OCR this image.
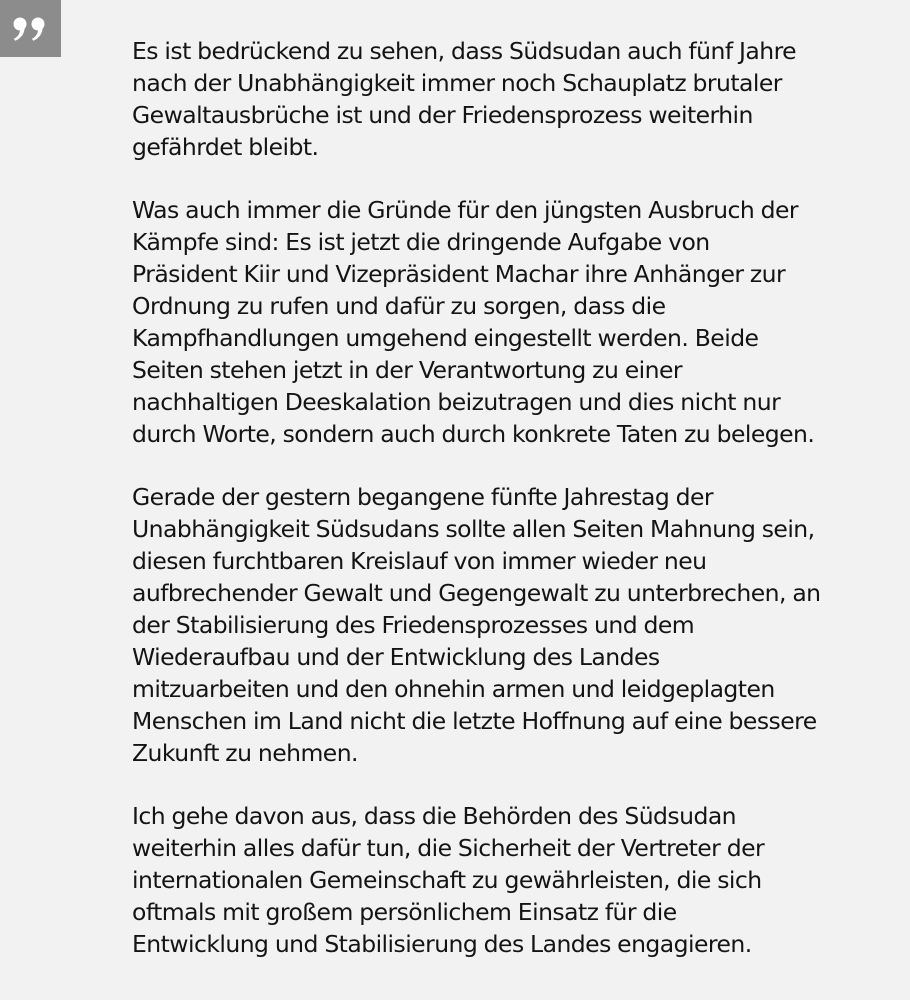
Es ist bedrückend zu sehen, dass Südsudan auch fünf Jahre
nach der Unabhängigkeit immer noch Schauplatz brutaler
Gewaltausbrüche ist und der Friedensprozess weiterhin
gefährdet bleibt.

Was auch immer die Gründe für den jüngsten Ausbruch der
Kämpfe sind: Es ist jetzt die dringende Aufgabe von
Präsident Kiir und Vizepräsident Machar ihre Anhänger zur
Ordnung zu rufen und dafür zu sorgen, dass die
Kampfhandlungen umgehend eingestellt werden. Beide
Seiten stehen jetzt in der Verantwortung zu einer
nachhaltigen Deeskalation beizutragen und dies nicht nur
durch Worte, sondern auch durch konkrete Taten zu belegen.

Gerade der gestern begangene fünfte Jahrestag der
Unabhängigkeit Südsudans sollte allen Seiten Mahnung sein,
diesen furchtbaren Kreislauf von immer wieder neu
aufbrechender Gewalt und Gegengewalt zu unterbrechen, an
der Stabilisierung des Friedensprozesses und dem
Wiederaufbau und der Entwicklung des Landes
mitzuarbeiten und den ohnehin armen und leidgeplagten
Menschen im Land nicht die letzte Hoffnung auf eine bessere
Zukunft zu nehmen.

Ich gehe davon aus, dass die Behörden des Südsudan
weiterhin alles dafür tun, die Sicherheit der Vertreter der
internationalen Gemeinschaft zu gewährleisten, die sich
oftmals mit großem persönlichem Einsatz für die
Entwicklung und Stabilisierung des Landes engagieren.
